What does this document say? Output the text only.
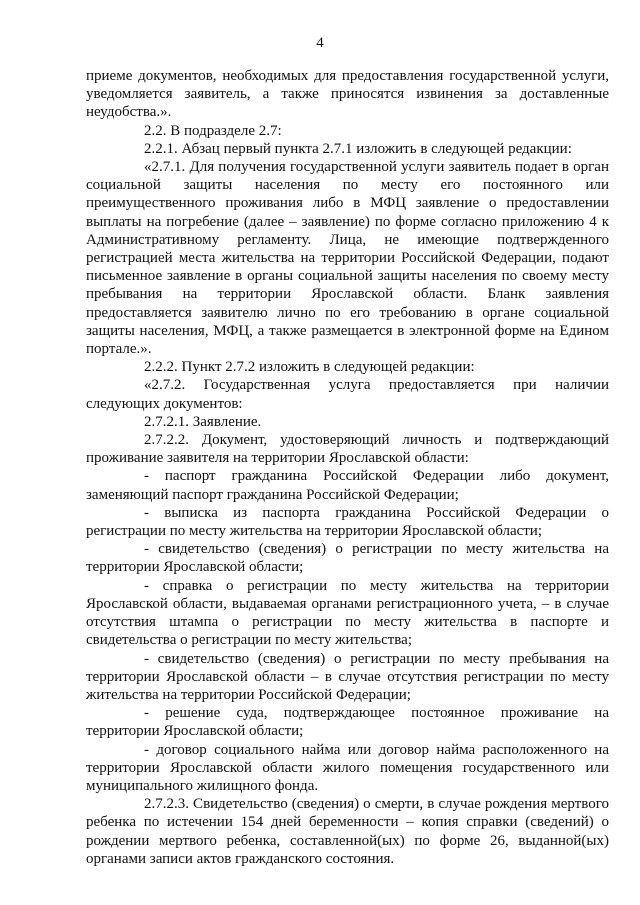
4

приеме документов, необходимых для предоставления государственной услуги, уведомляется заявитель, а также приносятся извинения за доставленные неудобства.».

2.2. В подразделе 2.7:

2.2.1. Абзац первый пункта 2.7.1 изложить в следующей редакции:

«2.7.1. Для получения государственной услуги заявитель подает в орган социальной защиты населения по месту его постоянного или преимущественного проживания либо в МФЦ заявление о предоставлении выплаты на погребение (далее – заявление) по форме согласно приложению 4 к Административному регламенту. Лица, не имеющие подтвержденного регистрацией места жительства на территории Российской Федерации, подают письменное заявление в органы социальной защиты населения по своему месту пребывания на территории Ярославской области. Бланк заявления предоставляется заявителю лично по его требованию в органе социальной защиты населения, МФЦ, а также размещается в электронной форме на Едином портале.».

2.2.2. Пункт 2.7.2 изложить в следующей редакции:

«2.7.2. Государственная услуга предоставляется при наличии следующих документов:

2.7.2.1. Заявление.

2.7.2.2. Документ, удостоверяющий личность и подтверждающий проживание заявителя на территории Ярославской области:

- паспорт гражданина Российской Федерации либо документ, заменяющий паспорт гражданина Российской Федерации;

- выписка из паспорта гражданина Российской Федерации о регистрации по месту жительства на территории Ярославской области;

- свидетельство (сведения) о регистрации по месту жительства на территории Ярославской области;

- справка о регистрации по месту жительства на территории Ярославской области, выдаваемая органами регистрационного учета, – в случае отсутствия штампа о регистрации по месту жительства в паспорте и свидетельства о регистрации по месту жительства;

- свидетельство (сведения) о регистрации по месту пребывания на территории Ярославской области – в случае отсутствия регистрации по месту жительства на территории Российской Федерации;

- решение суда, подтверждающее постоянное проживание на территории Ярославской области;

- договор социального найма или договор найма расположенного на территории Ярославской области жилого помещения государственного или муниципального жилищного фонда.

2.7.2.3. Свидетельство (сведения) о смерти, в случае рождения мертвого ребенка по истечении 154 дней беременности – копия справки (сведений) о рождении мертвого ребенка, составленной(ых) по форме 26, выданной(ых) органами записи актов гражданского состояния.
